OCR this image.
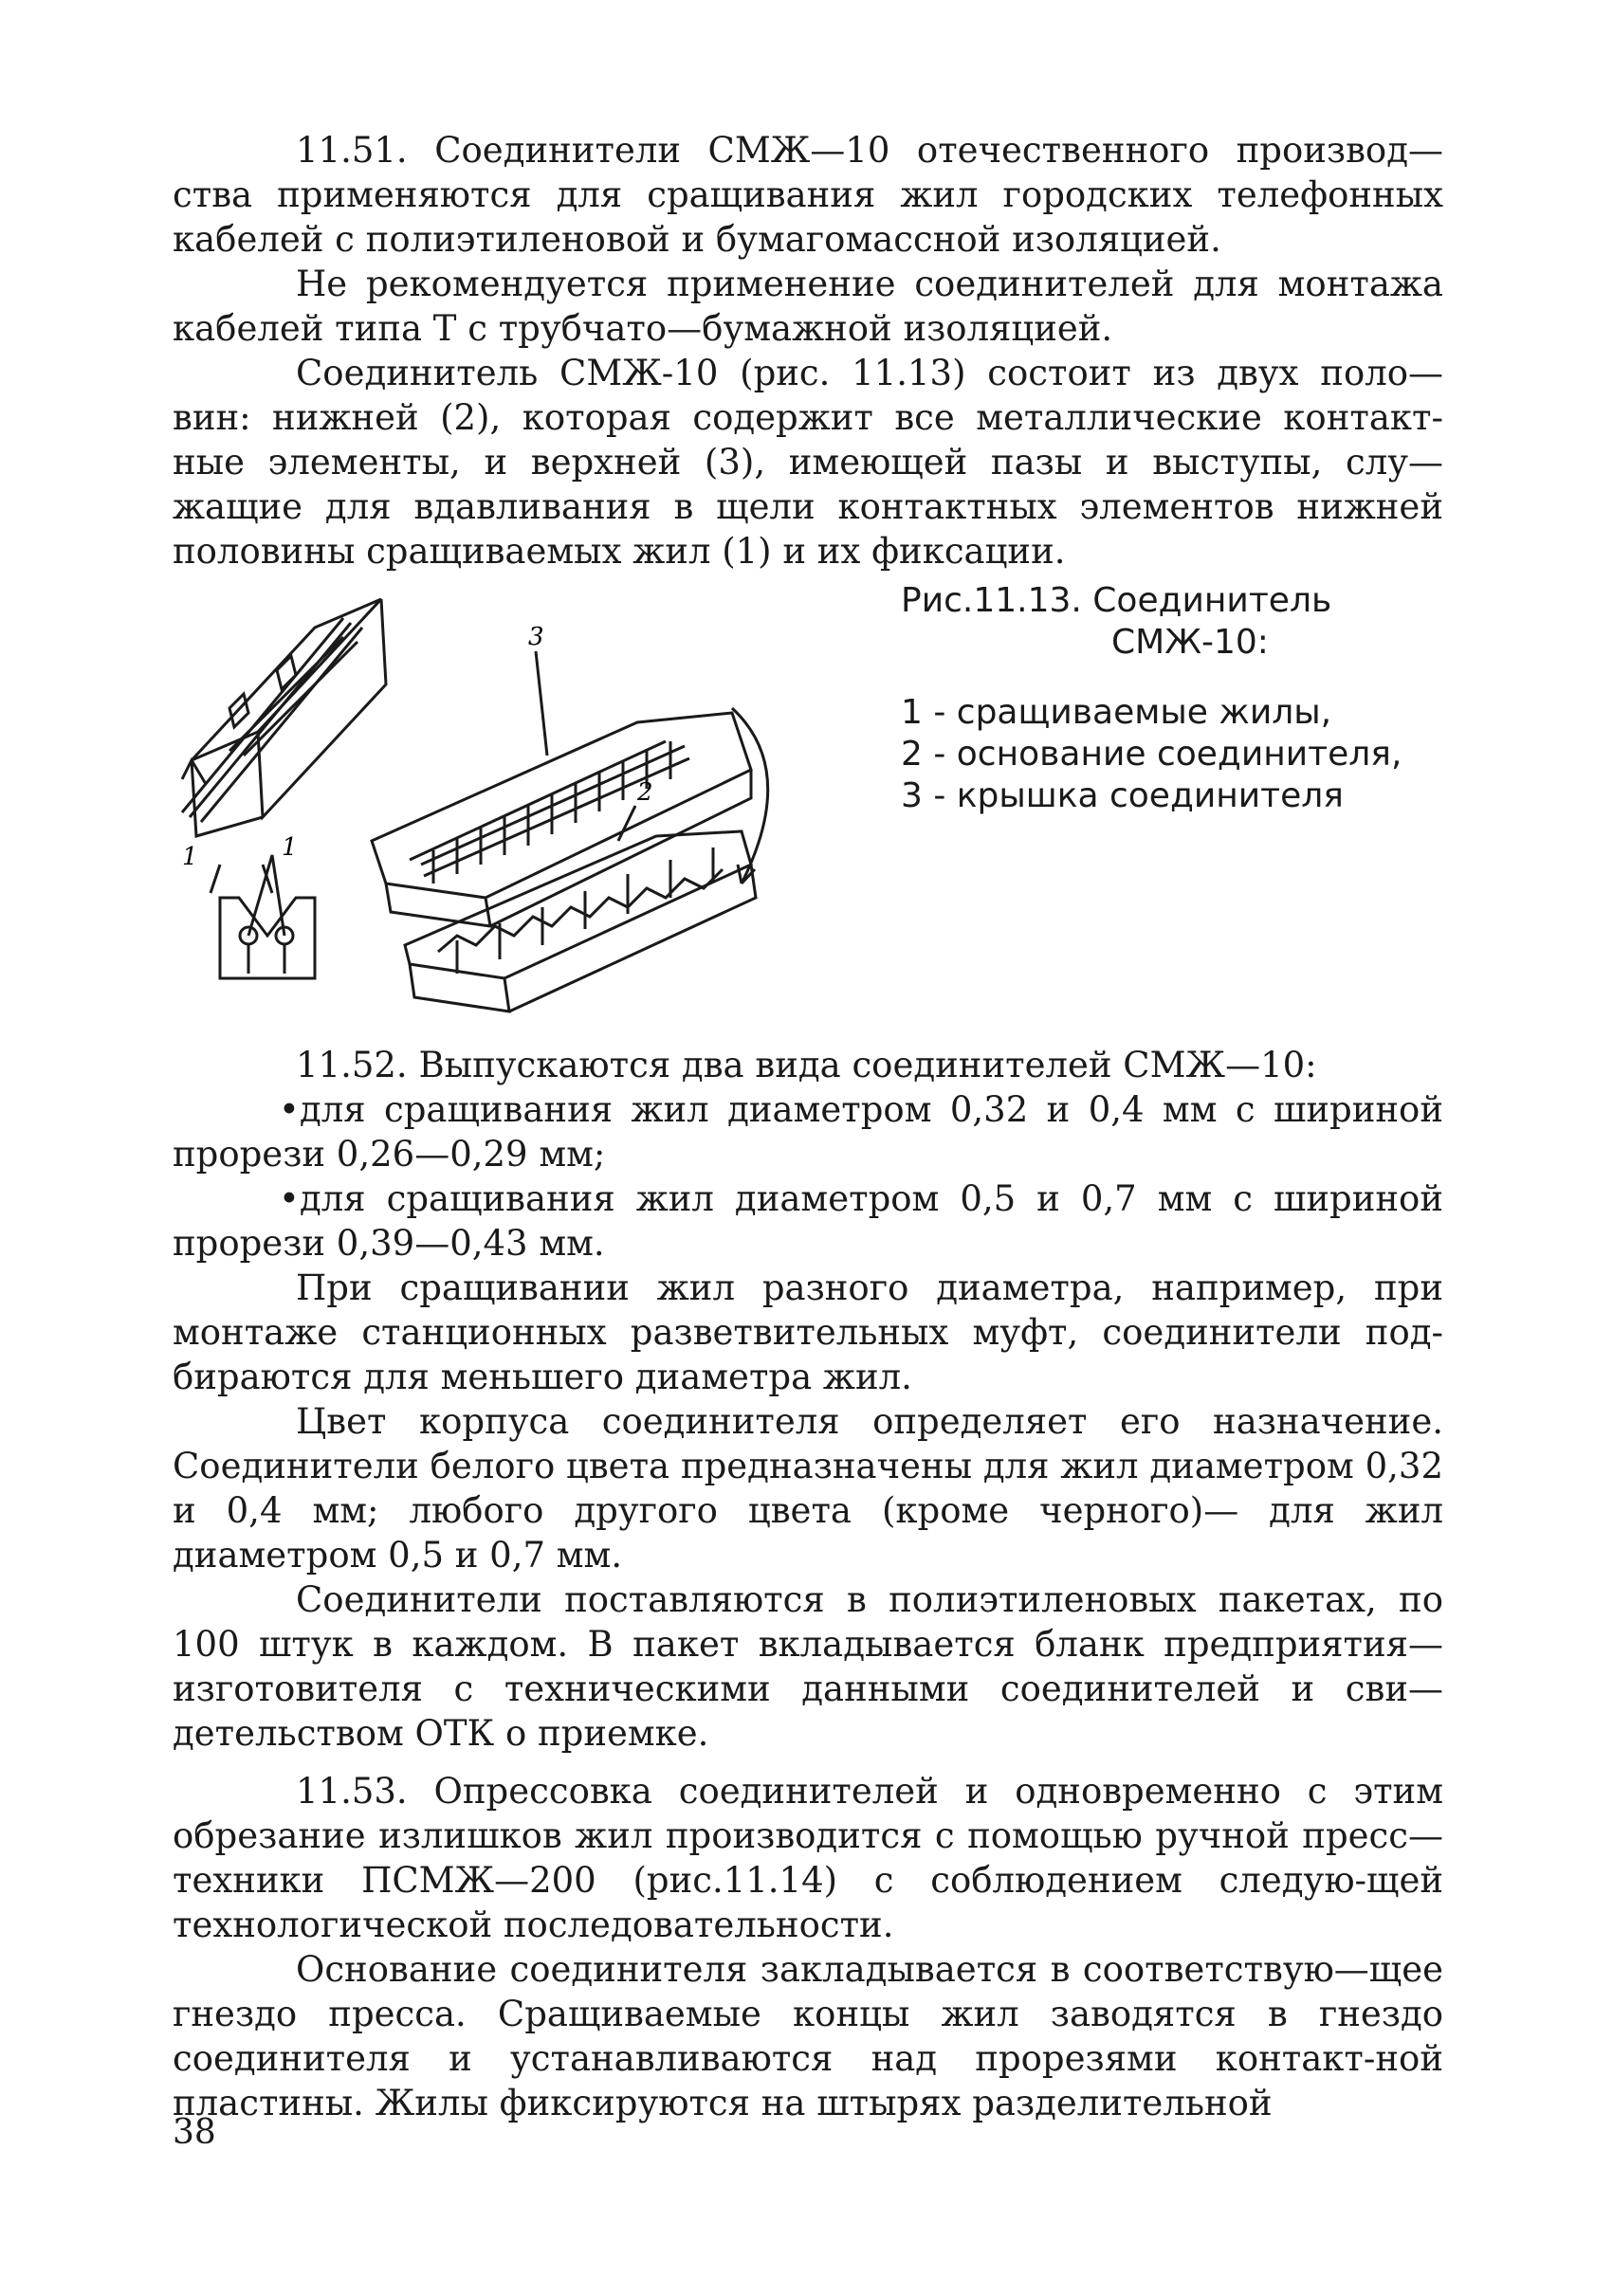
11.51. Соединители СМЖ—10 отечественного производ—ства применяются для сращивания жил городских телефонных кабелей с полиэтиленовой и бумагомассной изоляцией.

Не рекомендуется применение соединителей для монтажа кабелей типа Т с трубчато—бумажной изоляцией.

Соединитель СМЖ-10 (рис. 11.13) состоит из двух поло—вин: нижней (2), которая содержит все металлические контакт-ные элементы, и верхней (3), имеющей пазы и выступы, слу—жащие для вдавливания в щели контактных элементов нижней половины сращиваемых жил (1) и их фиксации.

3
2
1	1

Рис.11.13. Соединитель

СМЖ-10:

1 - сращиваемые жилы,

2 - основание соединителя,

3 - крышка соединителя

11.52. Выпускаются два вида соединителей СМЖ—10:

•для сращивания жил диаметром 0,32 и 0,4 мм с шириной прорези 0,26—0,29 мм;

•для сращивания жил диаметром 0,5 и 0,7 мм с шириной прорези 0,39—0,43 мм.

При сращивании жил разного диаметра, например, при монтаже станционных разветвительных муфт, соединители под-бираются для меньшего диаметра жил.

Цвет корпуса соединителя определяет его назначение. Соединители белого цвета предназначены для жил диаметром 0,32 и 0,4 мм; любого другого цвета (кроме черного)— для жил диаметром 0,5 и 0,7 мм.

Соединители поставляются в полиэтиленовых пакетах, по 100 штук в каждом. В пакет вкладывается бланк предприятия—изготовителя с техническими данными соединителей и сви—детельством ОТК о приемке.

11.53. Опрессовка соединителей и одновременно с этим обрезание излишков жил производится с помощью ручной пресс—техники ПСМЖ—200 (рис.11.14) с соблюдением следую-щей технологической последовательности.

Основание соединителя закладывается в соответствую—щее гнездо пресса. Сращиваемые концы жил заводятся в гнездо соединителя и устанавливаются над прорезями контакт-ной пластины. Жилы фиксируются на штырях разделительной

38
